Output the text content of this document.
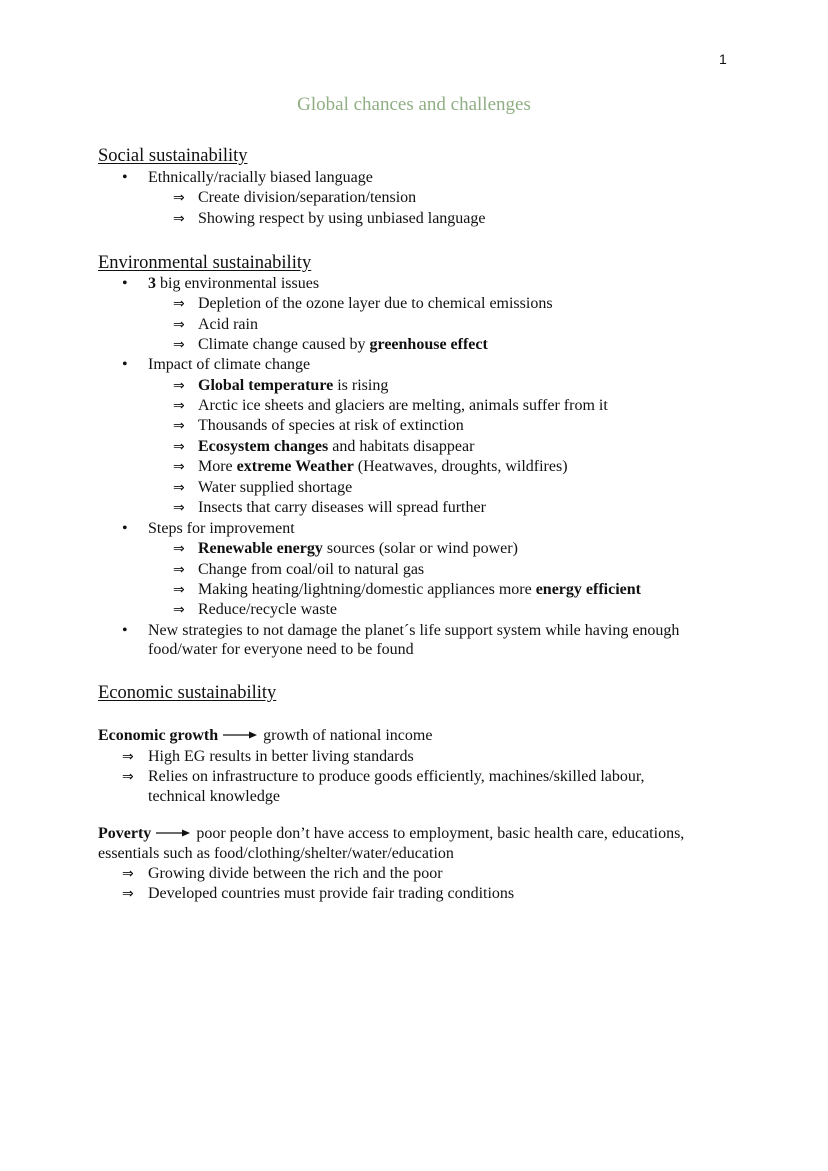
1
Global chances and challenges
Social sustainability
Ethnically/racially biased language
•
Create division/separation/tension
⇒
Showing respect by using unbiased language
⇒
Environmental sustainability
3 big environmental issues
•
Depletion of the ozone layer due to chemical emissions
⇒
Acid rain
⇒
Climate change caused by greenhouse effect
⇒
Impact of climate change
•
Global temperature is rising
⇒
Arctic ice sheets and glaciers are melting, animals suffer from it
⇒
Thousands of species at risk of extinction
⇒
Ecosystem changes and habitats disappear
⇒
More extreme Weather (Heatwaves, droughts, wildfires)
⇒
Water supplied shortage
⇒
Insects that carry diseases will spread further
⇒
Steps for improvement
•
Renewable energy sources (solar or wind power)
⇒
Change from coal/oil to natural gas
⇒
Making heating/lightning/domestic appliances more energy efficient
⇒
Reduce/recycle waste
⇒
New strategies to not damage the planet´s life support system while having enough
•
food/water for everyone need to be found
Economic sustainability
Economic growth	growth of national income
High EG results in better living standards
⇒
Relies on infrastructure to produce goods efficiently, machines/skilled labour,
⇒
technical knowledge
Poverty	poor people don’t have access to employment, basic health care, educations,
essentials such as food/clothing/shelter/water/education
Growing divide between the rich and the poor
⇒
Developed countries must provide fair trading conditions
⇒
